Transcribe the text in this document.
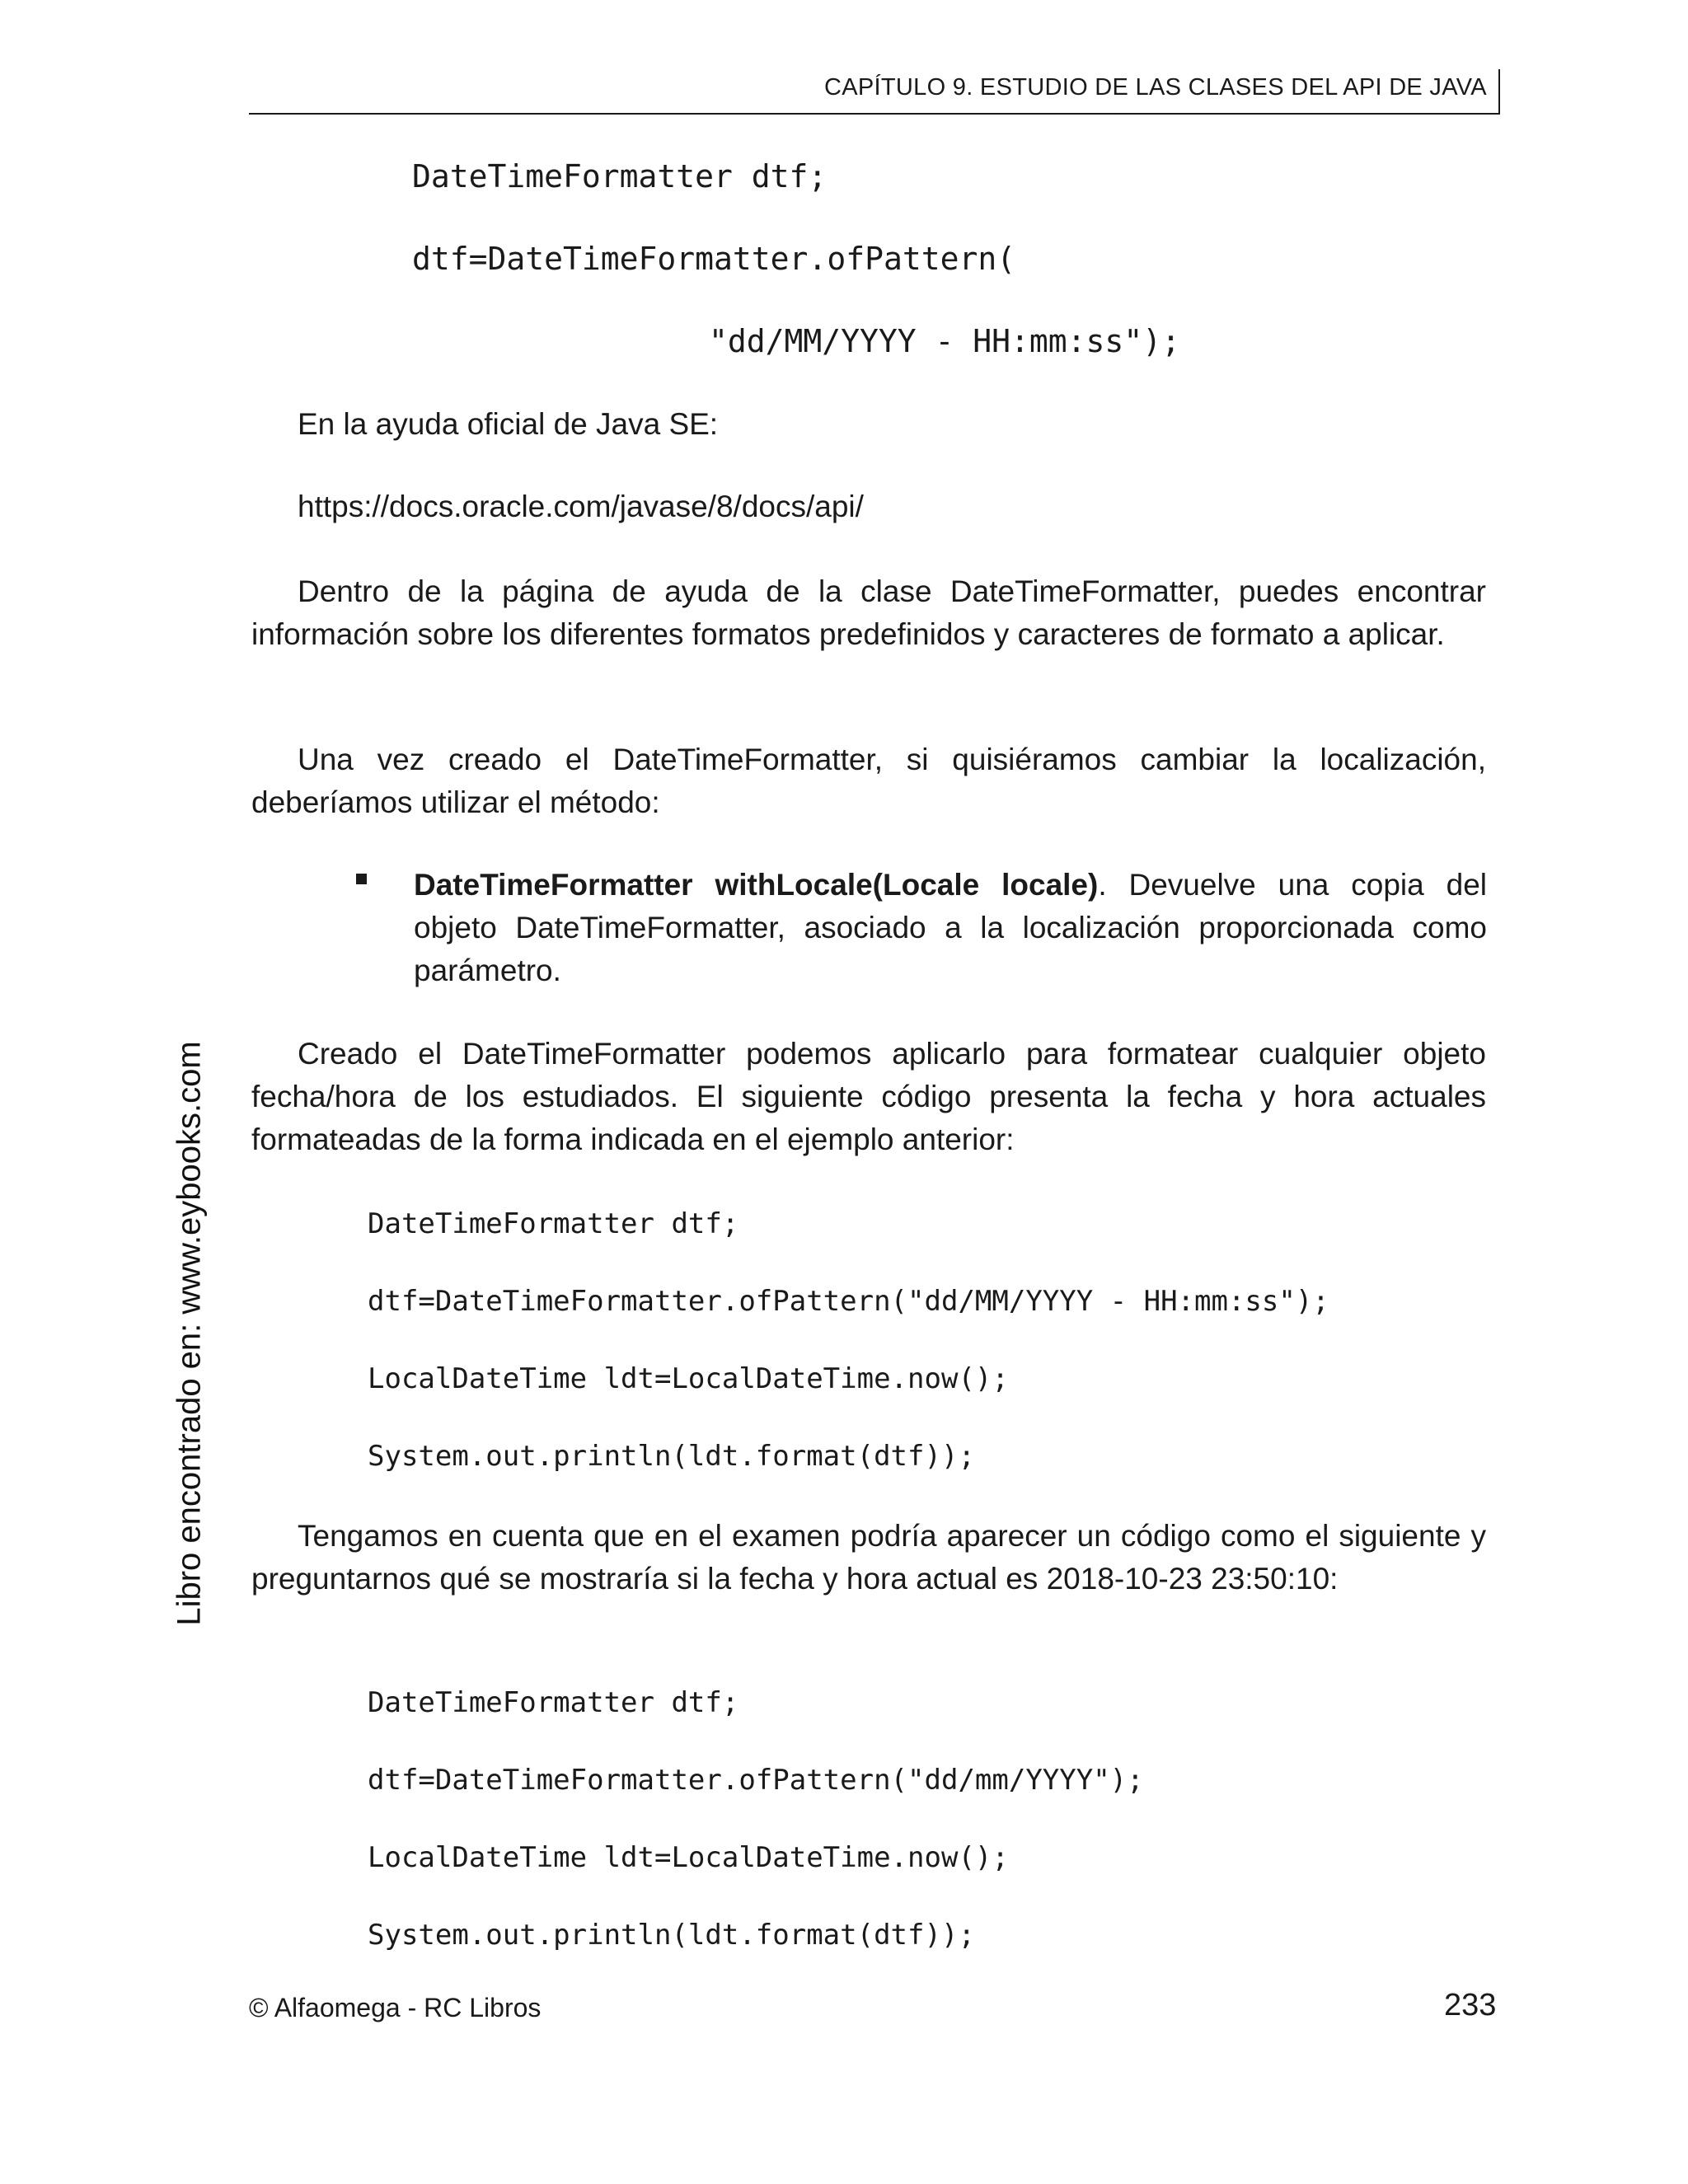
CAPÍTULO 9. ESTUDIO DE LAS CLASES DEL API DE JAVA
DateTimeFormatter dtf;
dtf=DateTimeFormatter.ofPattern(
"dd/MM/YYYY - HH:mm:ss");
En la ayuda oficial de Java SE:
https://docs.oracle.com/javase/8/docs/api/
Dentro de la página de ayuda de la clase DateTimeFormatter, puedes encontrar información sobre los diferentes formatos predefinidos y caracteres de formato a aplicar.
Una vez creado el DateTimeFormatter, si quisiéramos cambiar la localización, deberíamos utilizar el método:
DateTimeFormatter withLocale(Locale locale). Devuelve una copia del objeto DateTimeFormatter, asociado a la localización proporcionada como parámetro.
Creado el DateTimeFormatter podemos aplicarlo para formatear cualquier objeto fecha/hora de los estudiados. El siguiente código presenta la fecha y hora actuales formateadas de la forma indicada en el ejemplo anterior:
DateTimeFormatter dtf;
dtf=DateTimeFormatter.ofPattern("dd/MM/YYYY - HH:mm:ss");
LocalDateTime ldt=LocalDateTime.now();
System.out.println(ldt.format(dtf));
Tengamos en cuenta que en el examen podría aparecer un código como el siguiente y preguntarnos qué se mostraría si la fecha y hora actual es 2018-10-23 23:50:10:
DateTimeFormatter dtf;
dtf=DateTimeFormatter.ofPattern("dd/mm/YYYY");
LocalDateTime ldt=LocalDateTime.now();
System.out.println(ldt.format(dtf));
Libro encontrado en: www.eybooks.com
© Alfaomega - RC Libros	233
